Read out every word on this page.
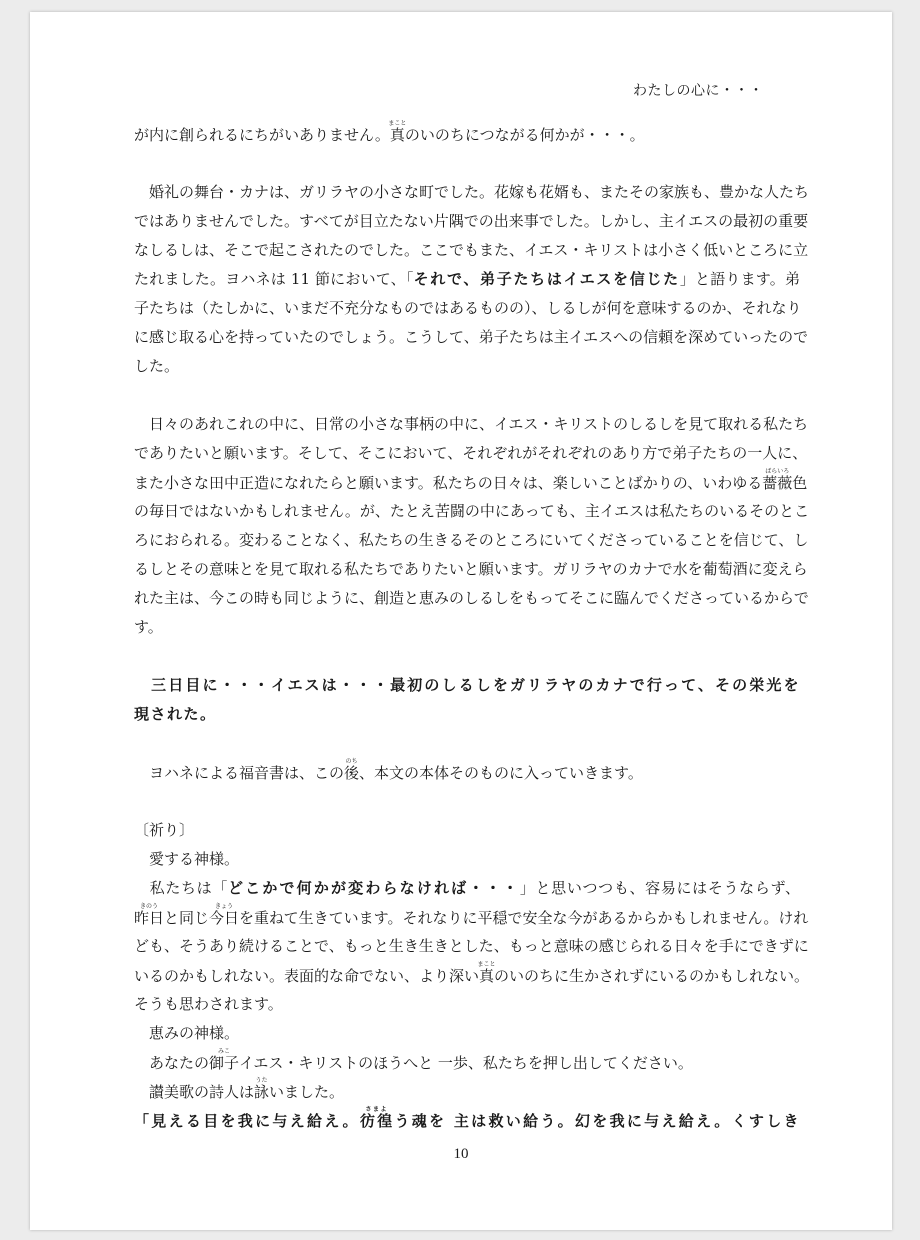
わたしの心に・・・
が内に創られるにちがいありません。真まことのいのちにつながる何かが・・・。
　婚礼の舞台・カナは、ガリラヤの小さな町でした。花嫁も花婿も、またその家族も、豊かな人たち
ではありませんでした。すべてが目立たない片隅での出来事でした。しかし、主イエスの最初の重要
なしるしは、そこで起こされたのでした。ここでもまた、イエス・キリストは小さく低いところに立
たれました。ヨハネは 11 節において、「それで、弟子たちはイエスを信じた」と語ります。弟
子たちは（たしかに、いまだ不充分なものではあるものの）、しるしが何を意味するのか、それなり
に感じ取る心を持っていたのでしょう。こうして、弟子たちは主イエスへの信頼を深めていったので
した。
　日々のあれこれの中に、日常の小さな事柄の中に、イエス・キリストのしるしを見て取れる私たち
でありたいと願います。そして、そこにおいて、それぞれがそれぞれのあり方で弟子たちの一人に、
また小さな田中正造になれたらと願います。私たちの日々は、楽しいことばかりの、いわゆる薔薇ばらいろ色
の毎日ではないかもしれません。が、たとえ苦闘の中にあっても、主イエスは私たちのいるそのとこ
ろにおられる。変わることなく、私たちの生きるそのところにいてくださっていることを信じて、し
るしとその意味とを見て取れる私たちでありたいと願います。ガリラヤのカナで水を葡萄酒に変えら
れた主は、今この時も同じように、創造と恵みのしるしをもってそこに臨んでくださっているからで
す。
　三日目に・・・イエスは・・・最初のしるしをガリラヤのカナで行って、その栄光を
現された。
　ヨハネによる福音書は、この後のち、本文の本体そのものに入っていきます。
〔祈り〕
　愛する神様。
　私たちは「どこかで何かが変わらなければ・・・」と思いつつも、容易にはそうならず、
昨日きのうと同じ今日きょうを重ねて生きています。それなりに平穏で安全な今があるからかもしれません。けれ
ども、そうあり続けることで、もっと生き生きとした、もっと意味の感じられる日々を手にできずに
いるのかもしれない。表面的な命でない、より深い真まことのいのちに生かされずにいるのかもしれない。
そうも思わされます。
　恵みの神様。
　あなたの御子みこイエス・キリストのほうへと 一歩、私たちを押し出してください。
　讃美歌の詩人は詠うたいました。
「見える目を我に与え給え。彷徨さまよう魂を 主は救い給う。幻を我に与え給え。くすしき
10
